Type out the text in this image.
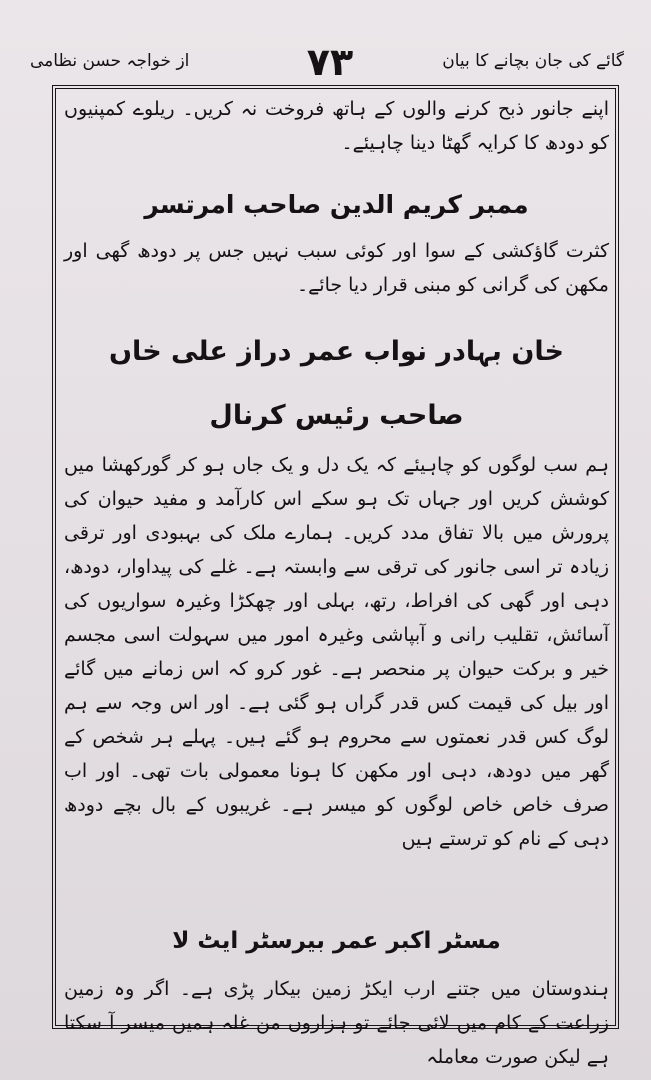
گائے کی جان بچانے کا بیان
۷۳
از خواجہ حسن نظامی

اپنے جانور ذبح کرنے والوں کے ہاتھ فروخت نہ کریں۔ ریلوے کمپنیوں کو دودھ کا کرایہ گھٹا دینا چاہیئے۔

ممبر کریم الدین صاحب امرتسر

کثرت گاؤکشی کے سوا اور کوئی سبب نہیں جس پر دودھ گھی اور مکھن کی گرانی کو مبنی قرار دیا جائے۔

خان بہادر نواب عمر دراز علی خاں صاحب رئیس کرنال

ہم سب لوگوں کو چاہیئے کہ یک دل و یک جاں ہو کر گورکھشا میں کوشش کریں اور جہاں تک ہو سکے اس کارآمد و مفید حیوان کی پرورش میں بالا تفاق مدد کریں۔ ہمارے ملک کی بہبودی اور ترقی زیادہ تر اسی جانور کی ترقی سے وابستہ ہے۔ غلے کی پیداوار، دودھ، دہی اور گھی کی افراط، رتھ، بہلی اور چھکڑا وغیرہ سواریوں کی آسائش، تقلیب رانی و آبپاشی وغیرہ امور میں سہولت اسی مجسم خیر و برکت حیوان پر منحصر ہے۔ غور کرو کہ اس زمانے میں گائے اور بیل کی قیمت کس قدر گراں ہو گئی ہے۔ اور اس وجہ سے ہم لوگ کس قدر نعمتوں سے محروم ہو گئے ہیں۔ پہلے ہر شخص کے گھر میں دودھ، دہی اور مکھن کا ہونا معمولی بات تھی۔ اور اب صرف خاص خاص لوگوں کو میسر ہے۔ غریبوں کے بال بچے دودھ دہی کے نام کو ترستے ہیں

مسٹر اکبر عمر بیرسٹر ایٹ لا

ہندوستان میں جتنے ارب ایکڑ زمین بیکار پڑی ہے۔ اگر وہ زمین زراعت کے کام میں لائی جائے تو ہزاروں من غلہ ہمیں میسر آ سکتا ہے لیکن صورت معاملہ
